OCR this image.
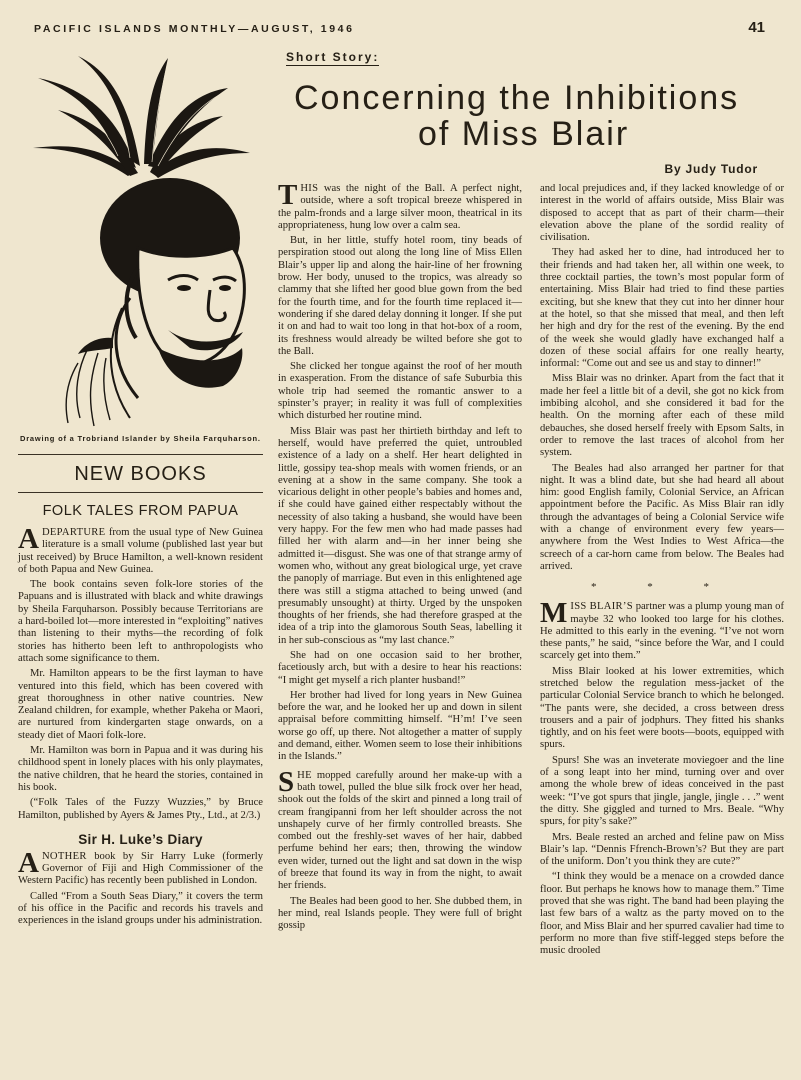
PACIFIC ISLANDS MONTHLY—AUGUST, 1946	41
Drawing of a Trobriand Islander by Sheila Farquharson.
NEW BOOKS
FOLK TALES FROM PAPUA

ADEPARTURE from the usual type of New Guinea literature is a small volume (published last year but just received) by Bruce Hamilton, a well-known resident of both Papua and New Guinea.

The book contains seven folk-lore stories of the Papuans and is illustrated with black and white drawings by Sheila Farquharson. Possibly because Territorians are a hard-boiled lot—more interested in “exploiting” natives than listening to their myths—the recording of folk stories has hitherto been left to anthropologists who attach some significance to them.

Mr. Hamilton appears to be the first layman to have ventured into this field, which has been covered with great thoroughness in other native countries. New Zealand children, for example, whether Pakeha or Maori, are nurtured from kindergarten stage onwards, on a steady diet of Maori folk-lore.

Mr. Hamilton was born in Papua and it was during his childhood spent in lonely places with his only playmates, the native children, that he heard the stories, contained in his book.

(“Folk Tales of the Fuzzy Wuzzies,” by Bruce Hamilton, published by Ayers & James Pty., Ltd., at 2/3.)

Sir H. Luke’s Diary

ANOTHER book by Sir Harry Luke (formerly Governor of Fiji and High Commissioner of the Western Pacific) has recently been published in London.

Called “From a South Seas Diary,” it covers the term of his office in the Pacific and records his travels and experiences in the island groups under his administration.

Short Story:
Concerning the Inhibitions
of Miss Blair
By Judy Tudor

THIS was the night of the Ball. A perfect night, outside, where a soft tropical breeze whispered in the palm-fronds and a large silver moon, theatrical in its appropriateness, hung low over a calm sea.

But, in her little, stuffy hotel room, tiny beads of perspiration stood out along the long line of Miss Ellen Blair’s upper lip and along the hair-line of her frowning brow. Her body, unused to the tropics, was already so clammy that she lifted her good blue gown from the bed for the fourth time, and for the fourth time replaced it—wondering if she dared delay donning it longer. If she put it on and had to wait too long in that hot-box of a room, its freshness would already be wilted before she got to the Ball.

She clicked her tongue against the roof of her mouth in exasperation. From the distance of safe Suburbia this whole trip had seemed the romantic answer to a spinster’s prayer; in reality it was full of complexities which disturbed her routine mind.

Miss Blair was past her thirtieth birthday and left to herself, would have preferred the quiet, untroubled existence of a lady on a shelf. Her heart delighted in little, gossipy tea-shop meals with women friends, or an evening at a show in the same company. She took a vicarious delight in other people’s babies and homes and, if she could have gained either respectably without the necessity of also taking a husband, she would have been very happy. For the few men who had made passes had filled her with alarm and—in her inner being she admitted it—disgust. She was one of that strange army of women who, without any great biological urge, yet crave the panoply of marriage. But even in this enlightened age there was still a stigma attached to being unwed (and presumably unsought) at thirty. Urged by the unspoken thoughts of her friends, she had therefore grasped at the idea of a trip into the glamorous South Seas, labelling it in her sub-conscious as “my last chance.”

She had on one occasion said to her brother, facetiously arch, but with a desire to hear his reactions: “I might get myself a rich planter husband!”

Her brother had lived for long years in New Guinea before the war, and he looked her up and down in silent appraisal before committing himself. “H’m! I’ve seen worse go off, up there. Not altogether a matter of supply and demand, either. Women seem to lose their inhibitions in the Islands.”

SHE mopped carefully around her make-up with a bath towel, pulled the blue silk frock over her head, shook out the folds of the skirt and pinned a long trail of cream frangipanni from her left shoulder across the not unshapely curve of her firmly controlled breasts. She combed out the freshly-set waves of her hair, dabbed perfume behind her ears; then, throwing the window even wider, turned out the light and sat down in the wisp of breeze that found its way in from the night, to await her friends.

The Beales had been good to her. She dubbed them, in her mind, real Islands people. They were full of bright gossip

and local prejudices and, if they lacked knowledge of or interest in the world of affairs outside, Miss Blair was disposed to accept that as part of their charm—their elevation above the plane of the sordid reality of civilisation.

They had asked her to dine, had introduced her to their friends and had taken her, all within one week, to three cocktail parties, the town’s most popular form of entertaining. Miss Blair had tried to find these parties exciting, but she knew that they cut into her dinner hour at the hotel, so that she missed that meal, and then left her high and dry for the rest of the evening. By the end of the week she would gladly have exchanged half a dozen of these social affairs for one really hearty, informal: “Come out and see us and stay to dinner!”

Miss Blair was no drinker. Apart from the fact that it made her feel a little bit of a devil, she got no kick from imbibing alcohol, and she considered it bad for the health. On the morning after each of these mild debauches, she dosed herself freely with Epsom Salts, in order to remove the last traces of alcohol from her system.

The Beales had also arranged her partner for that night. It was a blind date, but she had heard all about him: good English family, Colonial Service, an African appointment before the Pacific. As Miss Blair ran idly through the advantages of being a Colonial Service wife with a change of environment every few years—anywhere from the West Indies to West Africa—the screech of a car-horn came from below. The Beales had arrived.

* * *

MISS BLAIR’S partner was a plump young man of maybe 32 who looked too large for his clothes. He admitted to this early in the evening. “I’ve not worn these pants,” he said, “since before the War, and I could scarcely get into them.”

Miss Blair looked at his lower extremities, which stretched below the regulation mess-jacket of the particular Colonial Service branch to which he belonged. “The pants were, she decided, a cross between dress trousers and a pair of jodphurs. They fitted his shanks tightly, and on his feet were boots—boots, equipped with spurs.

Spurs! She was an inveterate moviegoer and the line of a song leapt into her mind, turning over and over among the whole brew of ideas conceived in the past week: “I’ve got spurs that jingle, jangle, jingle . . .” went the ditty. She giggled and turned to Mrs. Beale. “Why spurs, for pity’s sake?”

Mrs. Beale rested an arched and feline paw on Miss Blair’s lap. “Dennis Ffrench-Brown’s? But they are part of the uniform. Don’t you think they are cute?”

“I think they would be a menace on a crowded dance floor. But perhaps he knows how to manage them.” Time proved that she was right. The band had been playing the last few bars of a waltz as the party moved on to the floor, and Miss Blair and her spurred cavalier had time to perform no more than five stiff-legged steps before the music drooled
